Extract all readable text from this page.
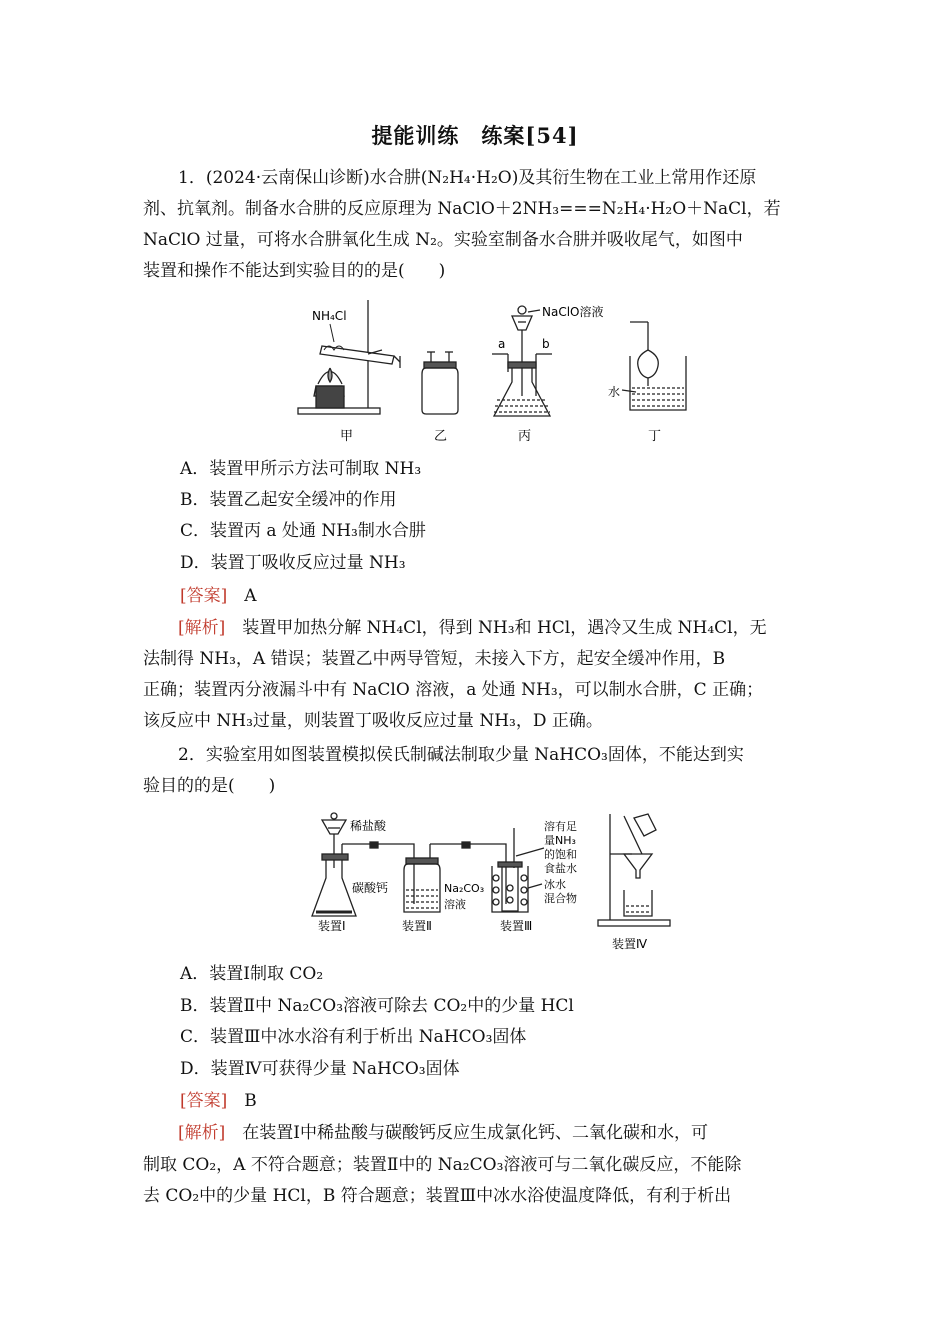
提能训练　练案[54]
1．(2024·云南保山诊断)水合肼(N₂H₄·H₂O)及其衍生物在工业上常用作还原
剂、抗氧剂。制备水合肼的反应原理为 NaClO＋2NH₃===N₂H₄·H₂O＋NaCl，若
NaClO 过量，可将水合肼氧化生成 N₂。实验室制备水合肼并吸收尾气，如图中
装置和操作不能达到实验目的的是(　　)
NH₄Cl
甲	乙
NaClO溶液
a	b
丙
水
丁
A．装置甲所示方法可制取 NH₃
B．装置乙起安全缓冲的作用
C．装置丙 a 处通 NH₃制水合肼
D．装置丁吸收反应过量 NH₃
[答案]　 A
[解析]　 装置甲加热分解 NH₄Cl，得到 NH₃和 HCl，遇冷又生成 NH₄Cl，无
法制得 NH₃，A 错误；装置乙中两导管短，未接入下方，起安全缓冲作用，B
正确；装置丙分液漏斗中有 NaClO 溶液，a 处通 NH₃，可以制水合肼，C 正确；
该反应中 NH₃过量，则装置丁吸收反应过量 NH₃，D 正确。
2．实验室用如图装置模拟侯氏制碱法制取少量 NaHCO₃固体，不能达到实
验目的的是(　　)
稀盐酸
碳酸钙
装置Ⅰ
Na₂CO₃
溶液
装置Ⅱ
溶有足
量NH₃
的饱和
食盐水
冰水
混合物
装置Ⅲ
装置Ⅳ
A．装置Ⅰ制取 CO₂
B．装置Ⅱ中 Na₂CO₃溶液可除去 CO₂中的少量 HCl
C．装置Ⅲ中冰水浴有利于析出 NaHCO₃固体
D．装置Ⅳ可获得少量 NaHCO₃固体
[答案]　 B
[解析]　 在装置Ⅰ中稀盐酸与碳酸钙反应生成氯化钙、二氧化碳和水，可
制取 CO₂，A 不符合题意；装置Ⅱ中的 Na₂CO₃溶液可与二氧化碳反应，不能除
去 CO₂中的少量 HCl，B 符合题意；装置Ⅲ中冰水浴使温度降低，有利于析出
